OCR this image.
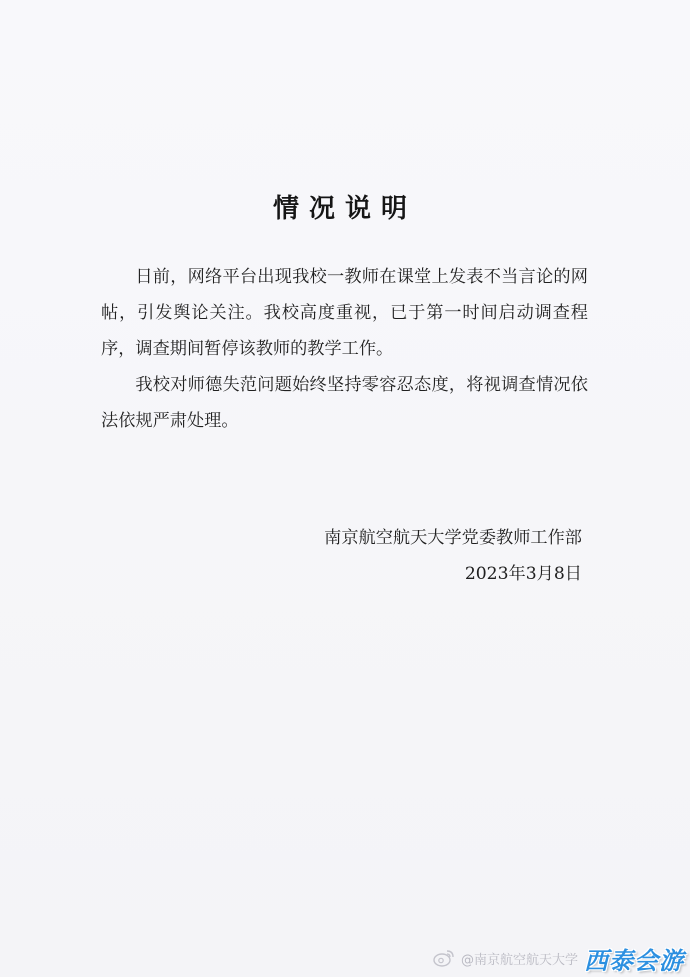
情况说明

日前，网络平台出现我校一教师在课堂上发表不当言论的网帖，引发舆论关注。我校高度重视，已于第一时间启动调查程序，调查期间暂停该教师的教学工作。

我校对师德失范问题始终坚持零容忍态度，将视调查情况依法依规严肃处理。

南京航空航天大学党委教师工作部
2023年3月8日
@南京航空航天大学 西泰会游
